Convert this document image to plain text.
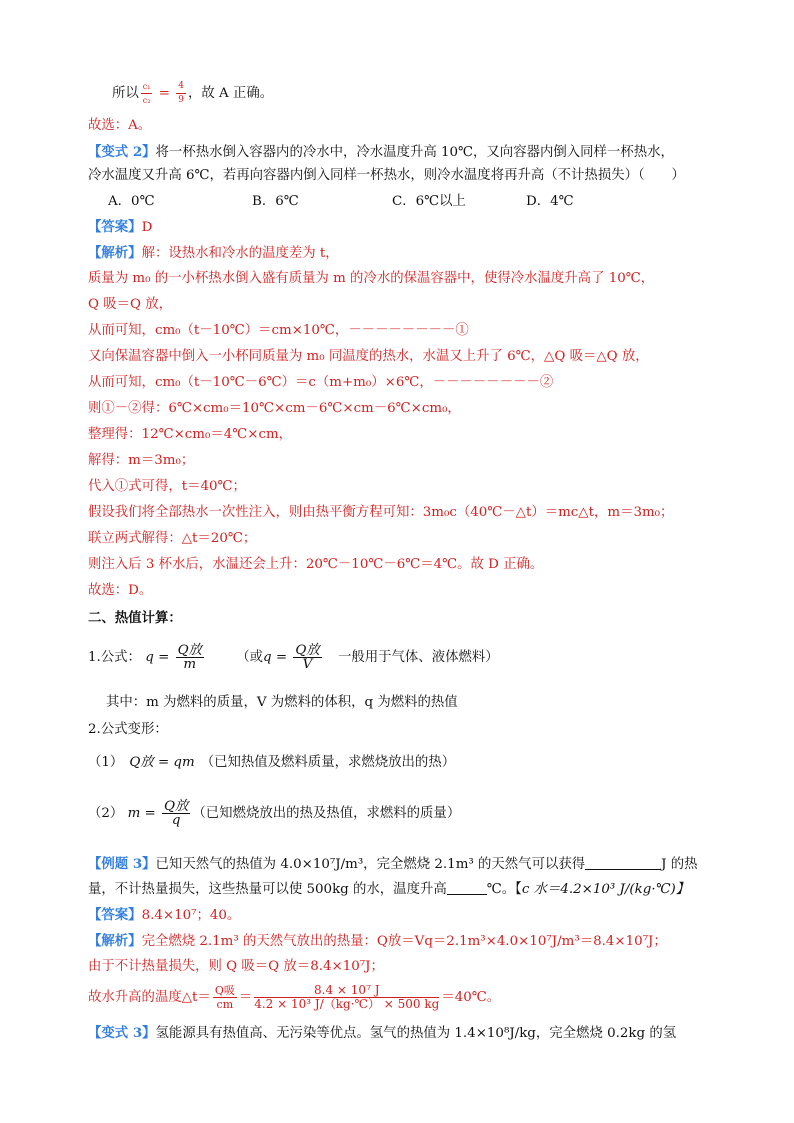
所以 $\frac{\text{c₁}}{\text{c₂}} = \frac{4}{9}$ ，故 A 正确。
故选：A。
【变式 2】将一杯热水倒入容器内的冷水中，冷水温度升高 10℃，又向容器内倒入同样一杯热水，
冷水温度又升高 6℃，若再向容器内倒入同样一杯热水，则冷水温度将再升高（不计热损失）（　　）
A．0℃	B．6℃	C．6℃以上	D．4℃
【答案】D
【解析】解：设热水和冷水的温度差为 t，
质量为 m₀ 的一小杯热水倒入盛有质量为 m 的冷水的保温容器中，使得冷水温度升高了 10℃，
Q 吸＝Q 放，
从而可知，cm₀（t－10℃）＝cm×10℃，－－－－－－－－①
又向保温容器中倒入一小杯同质量为 m₀ 同温度的热水，水温又上升了 6℃，△Q 吸＝△Q 放，
从而可知，cm₀（t－10℃－6℃）＝c（m+m₀）×6℃，－－－－－－－－②
则①－②得：6℃×cm₀＝10℃×cm－6℃×cm－6℃×cm₀，
整理得：12℃×cm₀＝4℃×cm，
解得：m＝3m₀；
代入①式可得，t＝40℃；
假设我们将全部热水一次性注入，则由热平衡方程可知：3m₀c（40℃－△t）＝mc△t，m＝3m₀；
联立两式解得：△t＝20℃；
则注入后 3 杯水后，水温还会上升：20℃－10℃－6℃＝4℃。故 D 正确。
故选：D。
二、热值计算：
1.公式： $q = \frac{\text{Q放}}{m}$ （或$q = \frac{\text{Q放}}{V}$ 一般用于气体、液体燃料）
其中：m 为燃料的质量，V 为燃料的体积，q 为燃料的热值
2.公式变形：
（1） Q放 = qm （已知热值及燃料质量，求燃烧放出的热）
（2） $m = \frac{\text{Q放}}{q}$ （已知燃烧放出的热及热值，求燃料的质量）
【例题 3】已知天然气的热值为 4.0×10⁷J/m³，完全燃烧 2.1m³ 的天然气可以获得	J 的热
量，不计热量损失，这些热量可以使 500kg 的水，温度升高	℃。【c 水＝4.2×10³ J/(kg·℃)】
【答案】8.4×10⁷；40。
【解析】完全燃烧 2.1m³ 的天然气放出的热量：Q放＝Vq＝2.1m³×4.0×10⁷J/m³＝8.4×10⁷J；
由于不计热量损失，则 Q 吸＝Q 放＝8.4×10⁷J；
故水升高的温度△t＝ $\frac{\text{Q吸}}{cm} = \frac{\text{8.4 × 10⁷ J}}{\text{4.2 × 10³ J/（kg·℃） × 500 kg}}$ ＝40℃。
【变式 3】氢能源具有热值高、无污染等优点。氢气的热值为 1.4×10⁸J/kg，完全燃烧 0.2kg 的氢
